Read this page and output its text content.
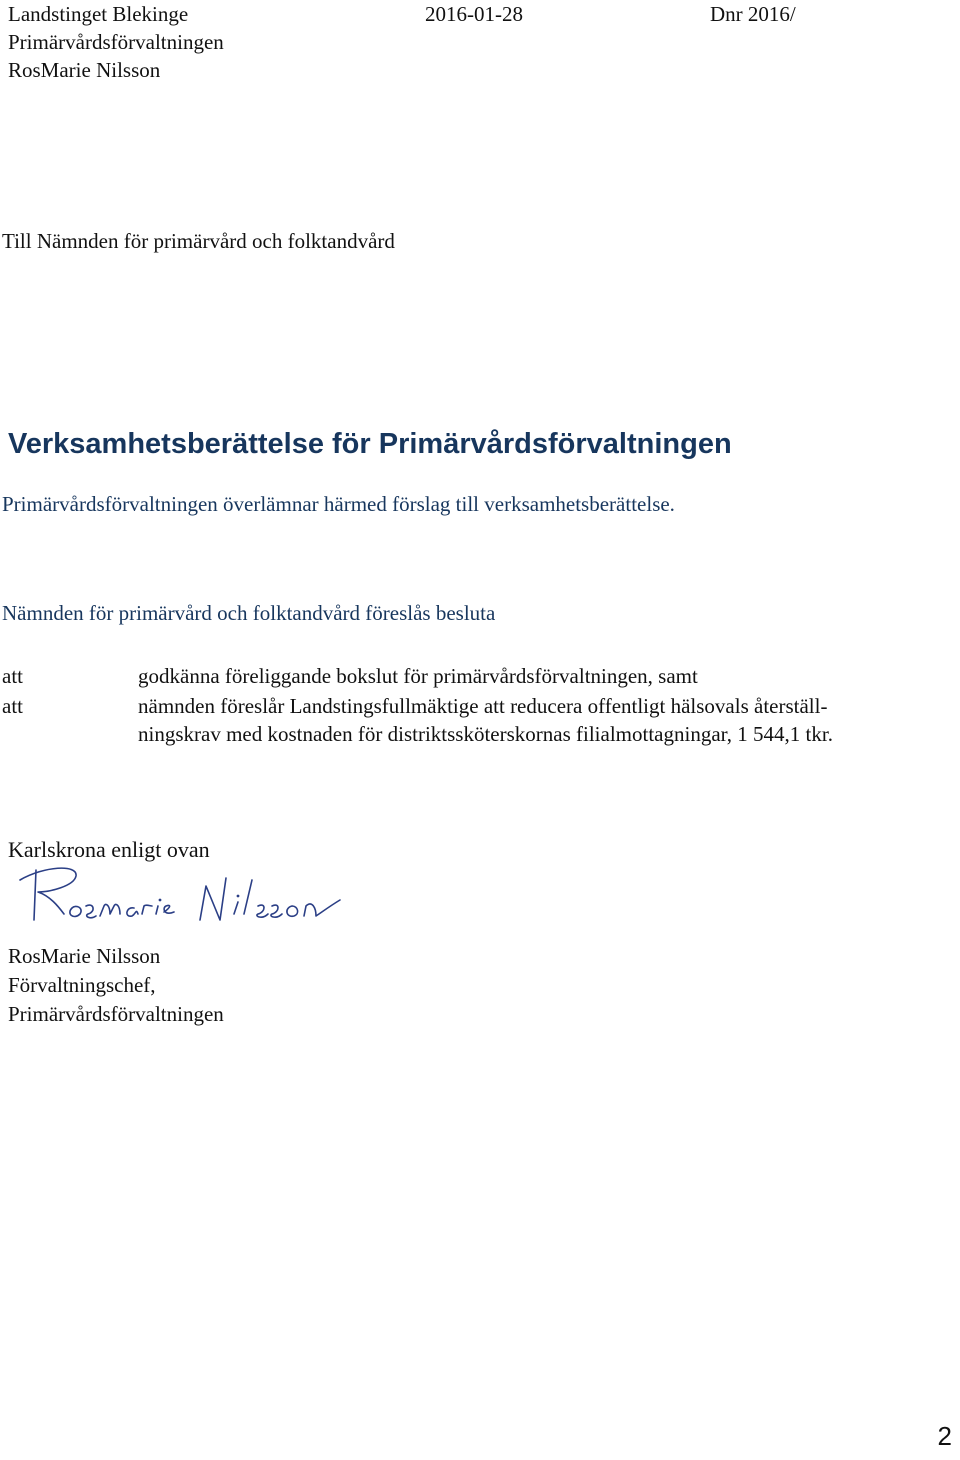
Landstinget Blekinge
Primärvårdsförvaltningen
RosMarie Nilsson
2016-01-28	Dnr 2016/
Till Nämnden för primärvård och folktandvård
Verksamhetsberättelse för Primärvårdsförvaltningen
Primärvårdsförvaltningen överlämnar härmed förslag till verksamhetsberättelse.
Nämnden för primärvård och folktandvård föreslås besluta
att	godkänna föreliggande bokslut för primärvårdsförvaltningen, samt
att	nämnden föreslår Landstingsfullmäktige att reducera offentligt hälsovals återställ-
ningskrav med kostnaden för distriktssköterskornas filialmottagningar, 1 544,1 tkr.
Karlskrona enligt ovan
RosMarie Nilsson
Förvaltningschef,
Primärvårdsförvaltningen
2
